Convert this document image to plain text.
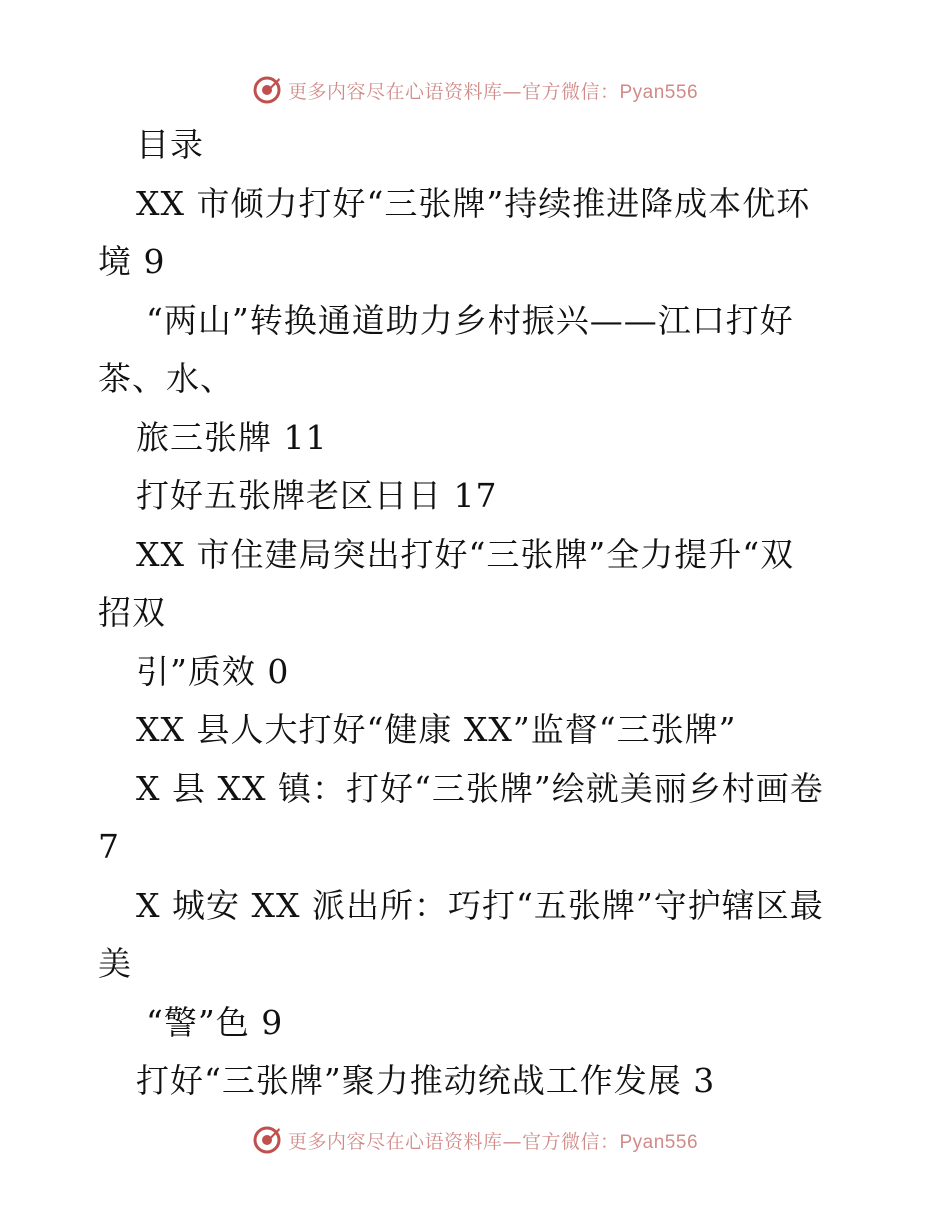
更多内容尽在心语资料库—官方微信：Pyan556
目录
XX 市倾力打好“三张牌”持续推进降成本优环
境 9
“两山”转换通道助力乡村振兴——江口打好
茶、水、
旅三张牌 11
打好五张牌老区日日 17
XX 市住建局突出打好“三张牌”全力提升“双
招双
引”质效 0
XX 县人大打好“健康 XX”监督“三张牌”
X 县 XX 镇：打好“三张牌”绘就美丽乡村画卷
7
X 城安 XX 派出所：巧打“五张牌”守护辖区最
美
“警”色 9
打好“三张牌”聚力推动统战工作发展 3
更多内容尽在心语资料库—官方微信：Pyan556
